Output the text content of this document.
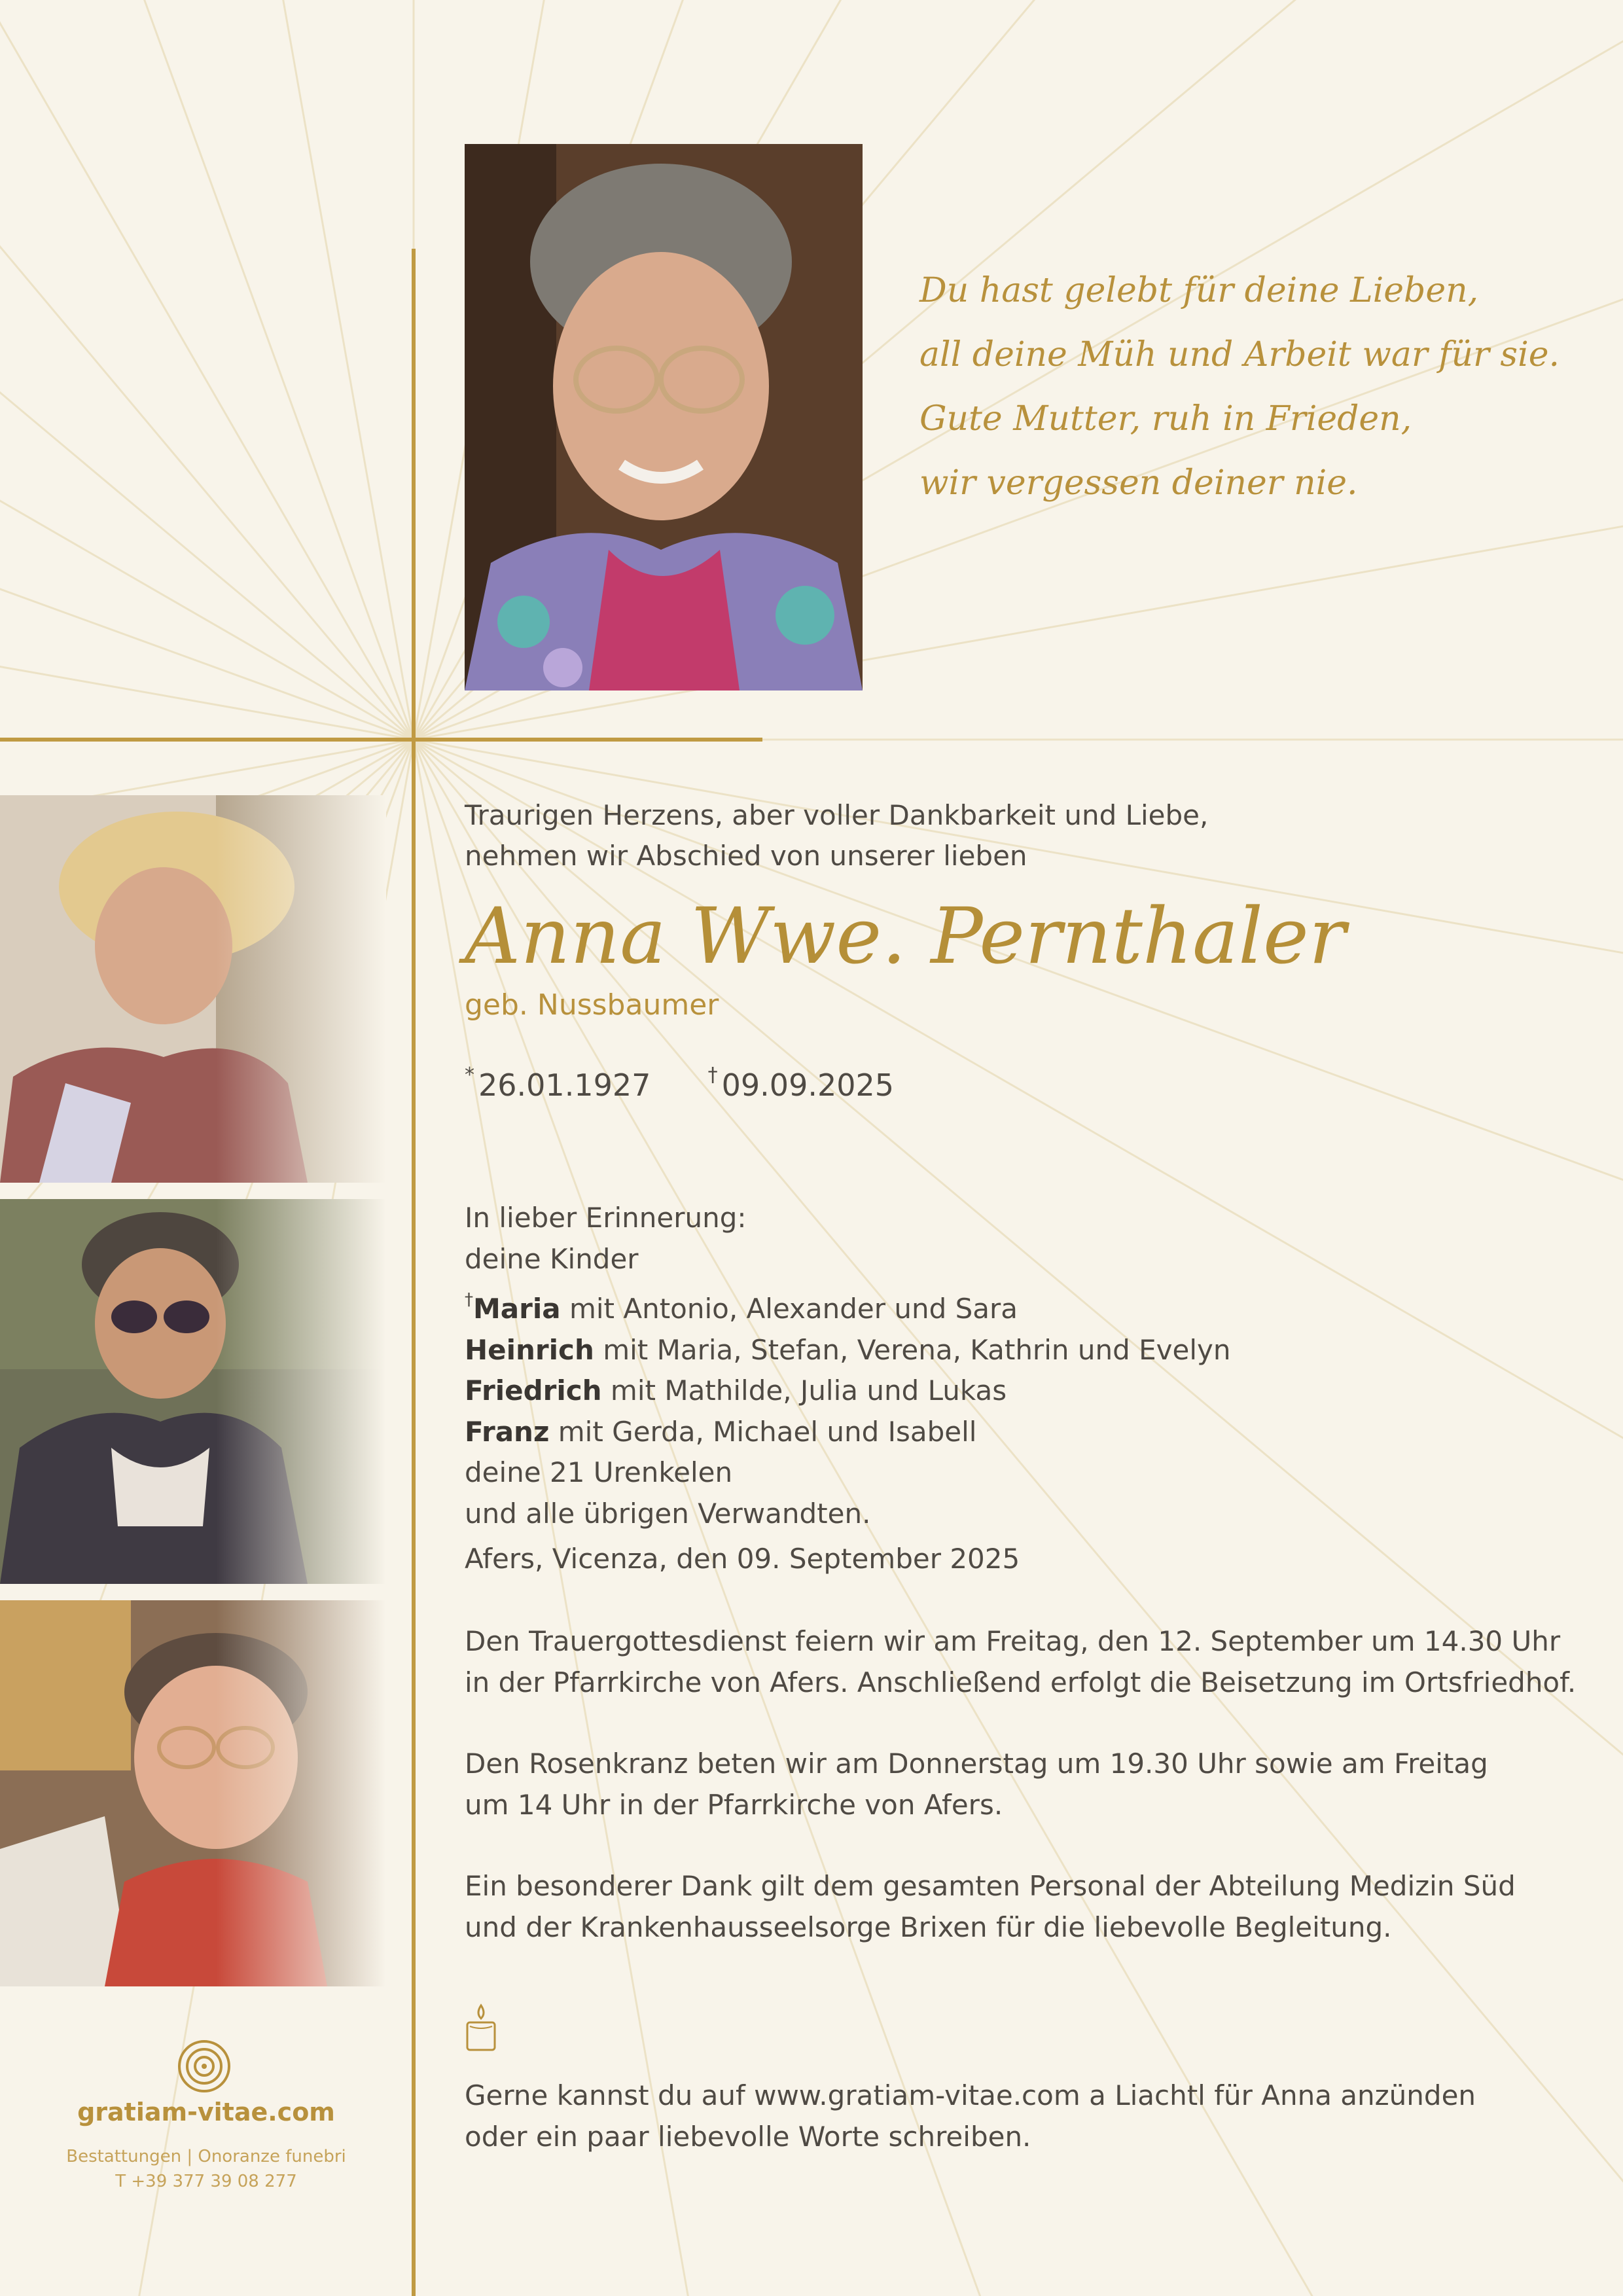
Du hast gelebt für deine Lieben,
all deine Müh und Arbeit war für sie.
Gute Mutter, ruh in Frieden,
wir vergessen deiner nie.
Traurigen Herzens, aber voller Dankbarkeit und Liebe,
nehmen wir Abschied von unserer lieben
Anna Wwe. Pernthaler
geb. Nussbaumer
* 26.01.1927	† 09.09.2025
In lieber Erinnerung:
deine Kinder
†Maria mit Antonio, Alexander und Sara
Heinrich mit Maria, Stefan, Verena, Kathrin und Evelyn
Friedrich mit Mathilde, Julia und Lukas
Franz mit Gerda, Michael und Isabell
deine 21 Urenkelen
und alle übrigen Verwandten.
Afers, Vicenza, den 09. September 2025
Den Trauergottesdienst feiern wir am Freitag, den 12. September um 14.30 Uhr
in der Pfarrkirche von Afers. Anschließend erfolgt die Beisetzung im Ortsfriedhof.
Den Rosenkranz beten wir am Donnerstag um 19.30 Uhr sowie am Freitag
um 14 Uhr in der Pfarrkirche von Afers.
Ein besonderer Dank gilt dem gesamten Personal der Abteilung Medizin Süd
und der Krankenhausseelsorge Brixen für die liebevolle Begleitung.
Gerne kannst du auf www.gratiam-vitae.com a Liachtl für Anna anzünden
oder ein paar liebevolle Worte schreiben.
gratiam-vitae.com
Bestattungen | Onoranze funebri
T +39 377 39 08 277
